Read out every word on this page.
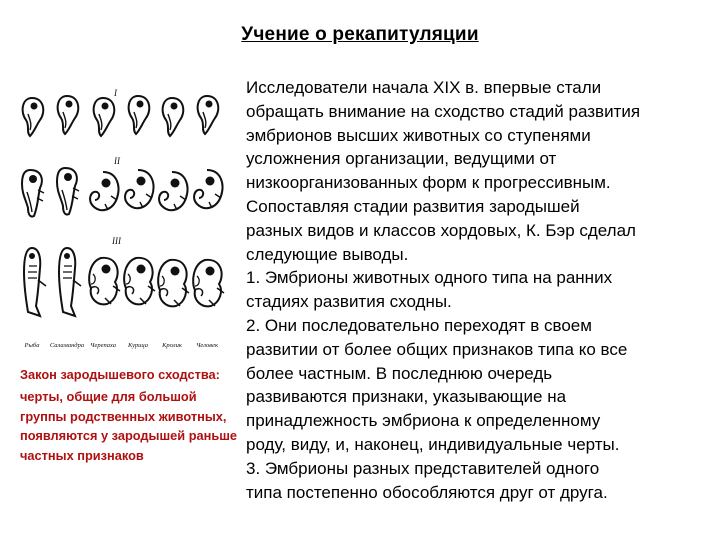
Учение о рекапитуляции
I
II
III
Рыба Саламандра Черепаха Курица Кролик Человек
Закон зародышевого сходства:
черты, общие для большой группы родственных животных, появляются у зародышей раньше частных признаков

Исследователи начала XIX в. впервые стали

обращать внимание на сходство стадий развития

эмбрионов высших животных со ступенями

усложнения организации, ведущими от

низкоорганизованных форм к прогрессивным.

Сопоставляя стадии развития зародышей

разных видов и классов хордовых, К. Бэр сделал

следующие выводы.

1. Эмбрионы животных одного типа на ранних

стадиях развития сходны.

2. Они последовательно переходят в своем

развитии от более общих признаков типа ко все

более частным. В последнюю очередь

развиваются признаки, указывающие на

принадлежность эмбриона к определенному

роду, виду, и, наконец, индивидуальные черты.

3. Эмбрионы разных представителей одного

типа постепенно обособляются друг от друга.
